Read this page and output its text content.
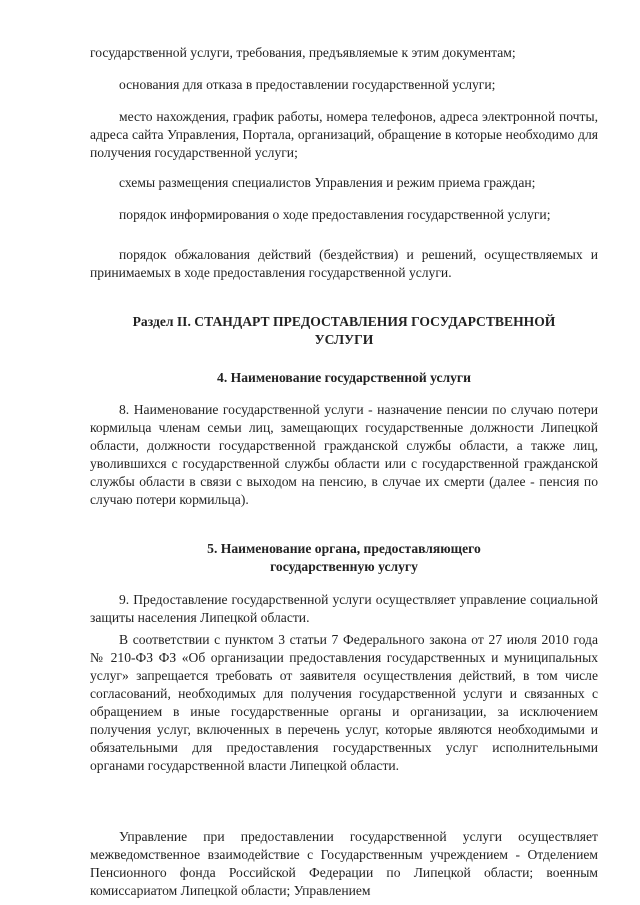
государственной услуги, требования, предъявляемые к этим документам;

основания для отказа в предоставлении государственной услуги;

место нахождения, график работы, номера телефонов, адреса электронной почты, адреса сайта Управления, Портала, организаций, обращение в которые необходимо для получения государственной услуги;

схемы размещения специалистов Управления и режим приема граждан;

порядок информирования о ходе предоставления государственной услуги;

порядок обжалования действий (бездействия) и решений, осуществляемых и принимаемых в ходе предоставления государственной услуги.

Раздел II. СТАНДАРТ ПРЕДОСТАВЛЕНИЯ ГОСУДАРСТВЕННОЙ
УСЛУГИ
4. Наименование государственной услуги

8. Наименование государственной услуги - назначение пенсии по случаю потери кормильца членам семьи лиц, замещающих государственные должности Липецкой области, должности государственной гражданской службы области, а также лиц, уволившихся с государственной службы области или с государственной гражданской службы области в связи с выходом на пенсию, в случае их смерти (далее - пенсия по случаю потери кормильца).

5. Наименование органа, предоставляющего
государственную услугу

9. Предоставление государственной услуги осуществляет управление социальной защиты населения Липецкой области.

В соответствии с пунктом 3 статьи 7 Федерального закона от 27 июля 2010 года № 210-ФЗ ФЗ «Об организации предоставления государственных и муниципальных услуг» запрещается требовать от заявителя осуществления действий, в том числе согласований, необходимых для получения государственной услуги и связанных с обращением в иные государственные органы и организации, за исключением получения услуг, включенных в перечень услуг, которые являются необходимыми и обязательными для предоставления государственных услуг исполнительными органами государственной власти Липецкой области.

Управление при предоставлении государственной услуги осуществляет межведомственное взаимодействие с Государственным учреждением - Отделением Пенсионного фонда Российской Федерации по Липецкой области; военным комиссариатом Липецкой области; Управлением
